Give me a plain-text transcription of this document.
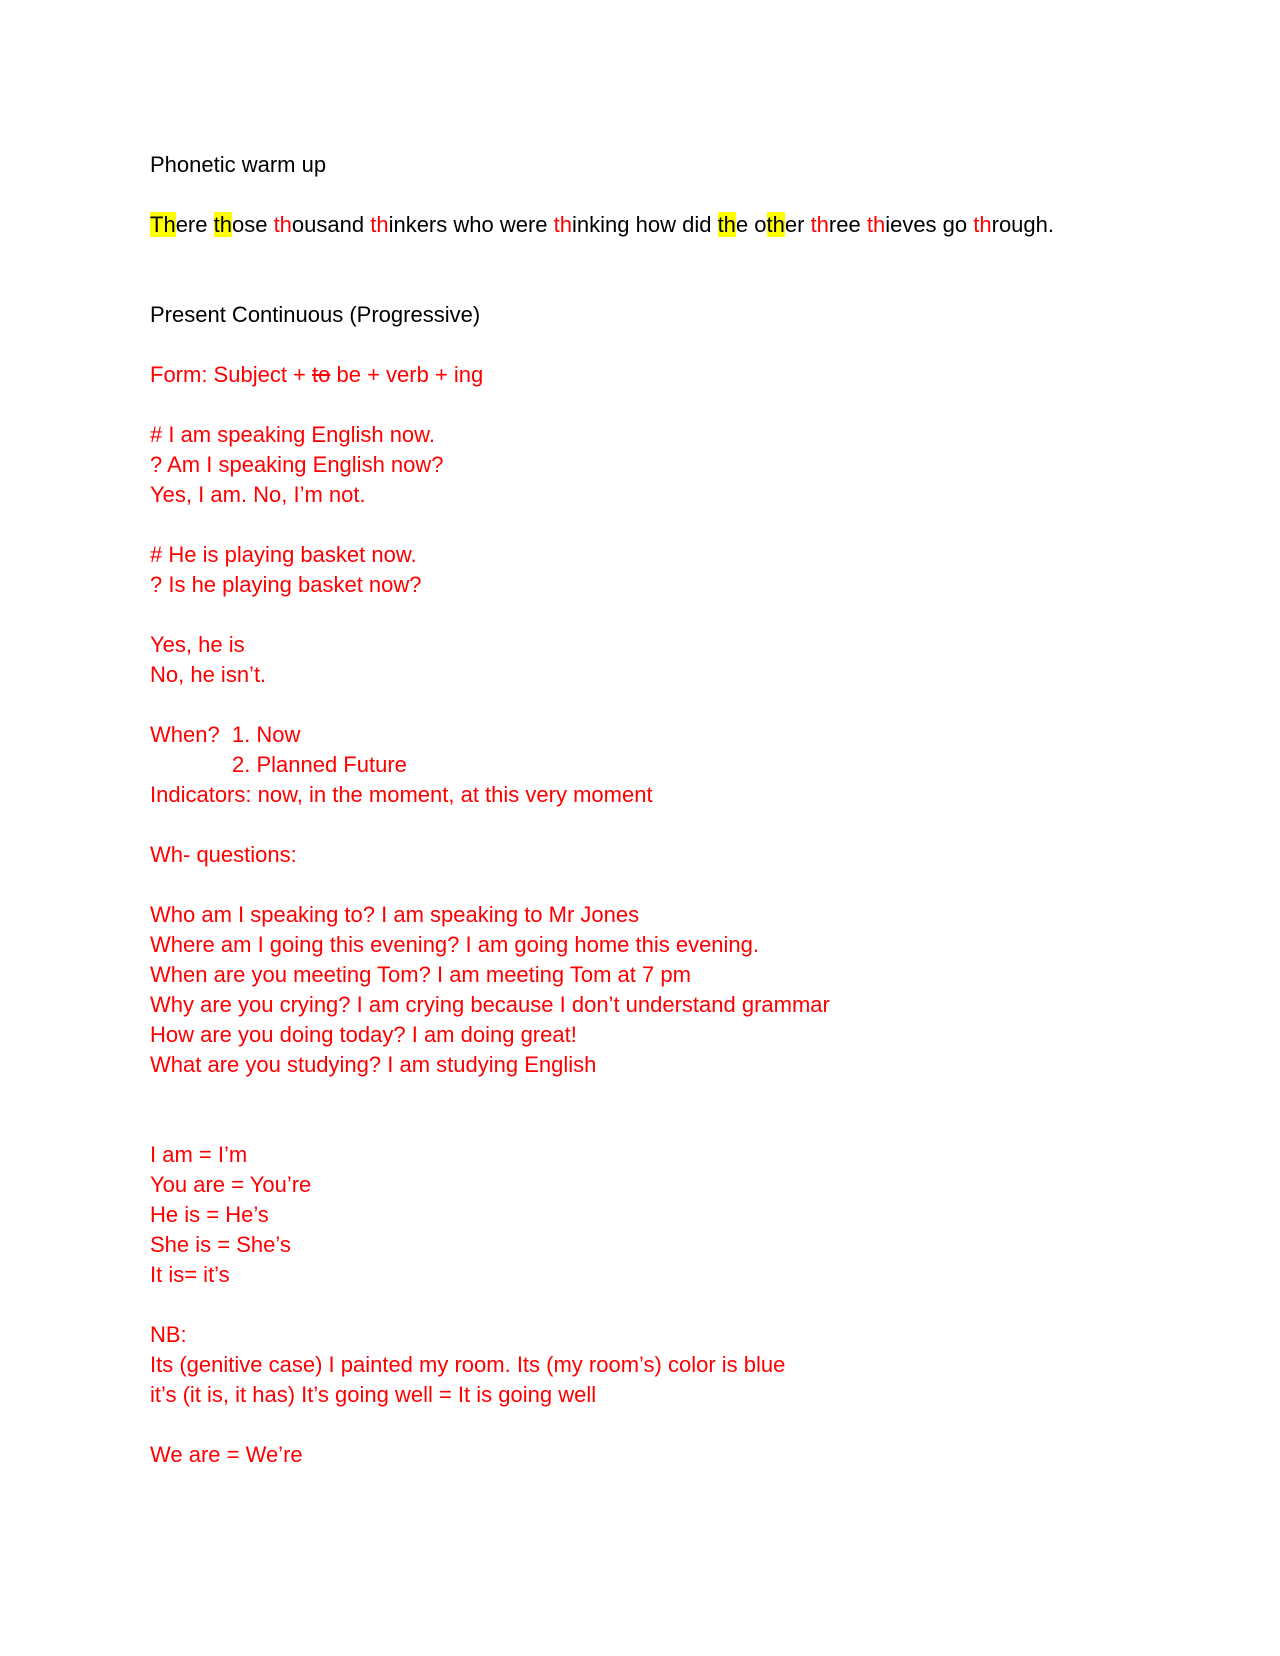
Phonetic warm up
There those thousand thinkers who were thinking how did the other three thieves go through.
Present Continuous (Progressive)
Form: Subject + to be + verb + ing
# I am speaking English now.
? Am I speaking English now?
Yes, I am. No, I’m not.
# He is playing basket now.
? Is he playing basket now?
Yes, he is
No, he isn’t.
When?  1. Now
2. Planned Future
Indicators: now, in the moment, at this very moment
Wh- questions:
Who am I speaking to? I am speaking to Mr Jones
Where am I going this evening? I am going home this evening.
When are you meeting Tom? I am meeting Tom at 7 pm
Why are you crying? I am crying because I don’t understand grammar
How are you doing today? I am doing great!
What are you studying? I am studying English
I am = I’m
You are = You’re
He is = He’s
She is = She’s
It is= it’s
NB:
Its (genitive case) I painted my room. Its (my room’s) color is blue
it’s (it is, it has) It’s going well = It is going well
We are = We’re
